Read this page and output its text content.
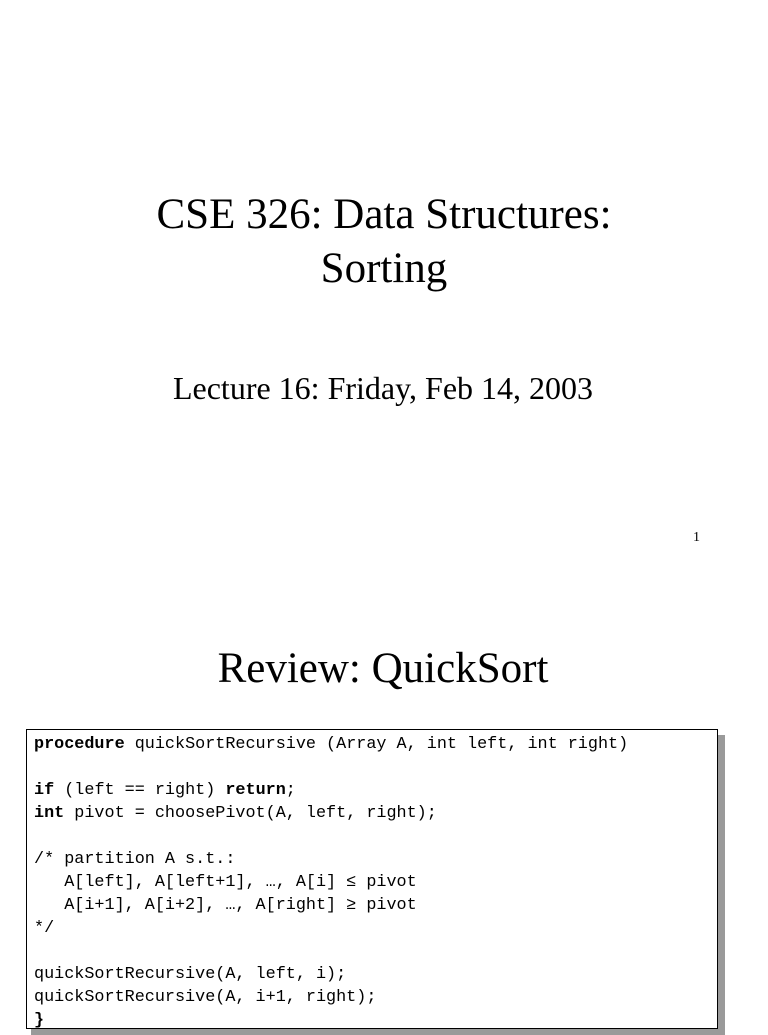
CSE 326: Data Structures:
Sorting
Lecture 16: Friday, Feb 14, 2003
1
Review: QuickSort
procedure quickSortRecursive (Array A, int left, int right)
if (left == right) return;
int pivot = choosePivot(A, left, right);
/* partition A s.t.:
A[left], A[left+1], …, A[i] ≤ pivot
A[i+1], A[i+2], …, A[right] ≥ pivot
*/
quickSortRecursive(A, left, i);
quickSortRecursive(A, i+1, right);
}
